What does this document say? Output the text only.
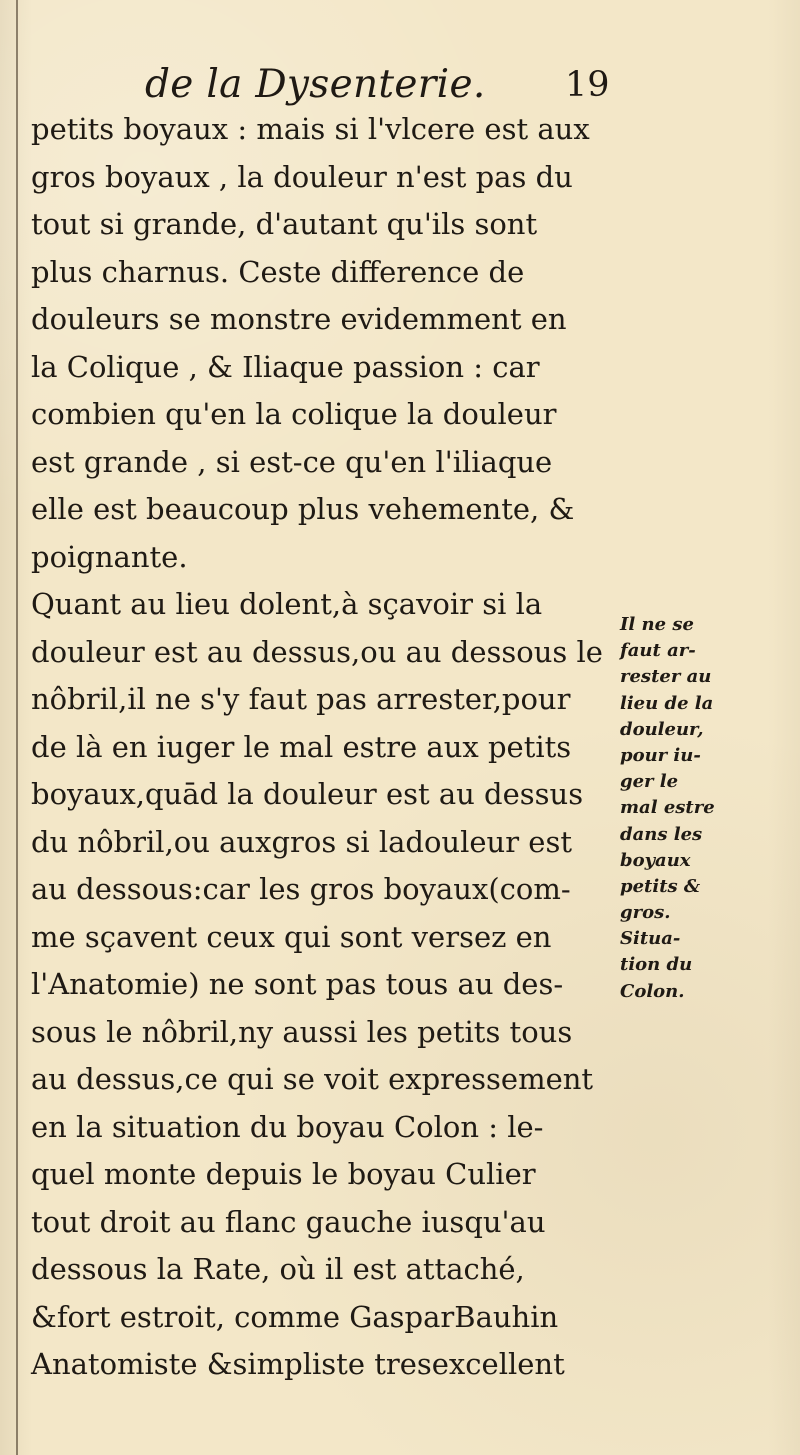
de la Dysenterie. 19
petits boyaux : mais si l'vlcere est aux
gros boyaux , la douleur n'est pas du
tout si grande, d'autant qu'ils sont
plus charnus. Ceste difference de
douleurs se monstre evidemment en
la Colique , & Iliaque passion : car
combien qu'en la colique la douleur
est grande , si est-ce qu'en l'iliaque
elle est beaucoup plus vehemente, &
poignante.
Quant au lieu dolent,à sçavoir si la
douleur est au dessus,ou au dessous le
nôbril,il ne s'y faut pas arrester,pour
de là en iuger le mal estre aux petits
boyaux,quād la douleur est au dessus
du nôbril,ou auxgros si ladouleur est
au dessous:car les gros boyaux(com-
me sçavent ceux qui sont versez en
l'Anatomie) ne sont pas tous au des-
sous le nôbril,ny aussi les petits tous
au dessus,ce qui se voit expressement
en la situation du boyau Colon : le-
quel monte depuis le boyau Culier
tout droit au flanc gauche iusqu'au
dessous la Rate, où il est attaché,
&fort estroit, comme GasparBauhin
Anatomiste &simpliste tresexcellent
Il ne se
faut ar-
rester au
lieu de la
douleur,
pour iu-
ger le
mal estre
dans les
boyaux
petits &
gros.
Situa-
tion du
Colon.
